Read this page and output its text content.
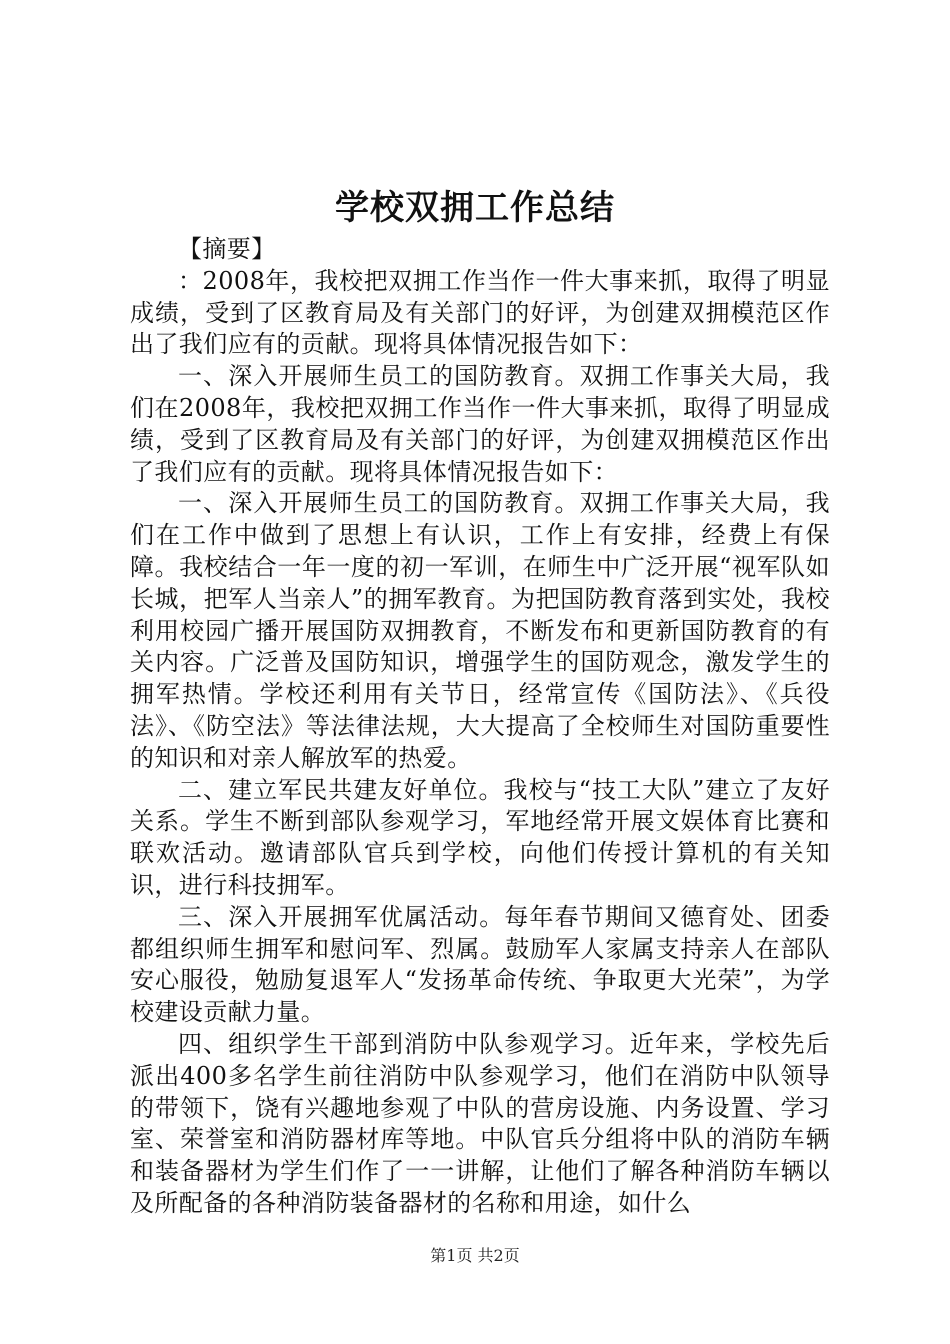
学校双拥工作总结

【摘要】

：2008年，我校把双拥工作当作一件大事来抓，取得了明显成绩，受到了区教育局及有关部门的好评，为创建双拥模范区作出了我们应有的贡献。现将具体情况报告如下：

一、深入开展师生员工的国防教育。双拥工作事关大局，我们在2008年，我校把双拥工作当作一件大事来抓，取得了明显成绩，受到了区教育局及有关部门的好评，为创建双拥模范区作出了我们应有的贡献。现将具体情况报告如下：

一、深入开展师生员工的国防教育。双拥工作事关大局，我们在工作中做到了思想上有认识，工作上有安排，经费上有保障。我校结合一年一度的初一军训，在师生中广泛开展“视军队如长城，把军人当亲人”的拥军教育。为把国防教育落到实处，我校利用校园广播开展国防双拥教育，不断发布和更新国防教育的有关内容。广泛普及国防知识，增强学生的国防观念，激发学生的拥军热情。学校还利用有关节日，经常宣传《国防法》、《兵役法》、《防空法》等法律法规，大大提高了全校师生对国防重要性的知识和对亲人解放军的热爱。

二、建立军民共建友好单位。我校与“技工大队”建立了友好关系。学生不断到部队参观学习，军地经常开展文娱体育比赛和联欢活动。邀请部队官兵到学校，向他们传授计算机的有关知识，进行科技拥军。

三、深入开展拥军优属活动。每年春节期间又德育处、团委都组织师生拥军和慰问军、烈属。鼓励军人家属支持亲人在部队安心服役，勉励复退军人“发扬革命传统、争取更大光荣”，为学校建设贡献力量。

四、组织学生干部到消防中队参观学习。近年来，学校先后派出400多名学生前往消防中队参观学习，他们在消防中队领导的带领下，饶有兴趣地参观了中队的营房设施、内务设置、学习室、荣誉室和消防器材库等地。中队官兵分组将中队的消防车辆和装备器材为学生们作了一一讲解，让他们了解各种消防车辆以及所配备的各种消防装备器材的名称和用途，如什么

第1页 共2页
